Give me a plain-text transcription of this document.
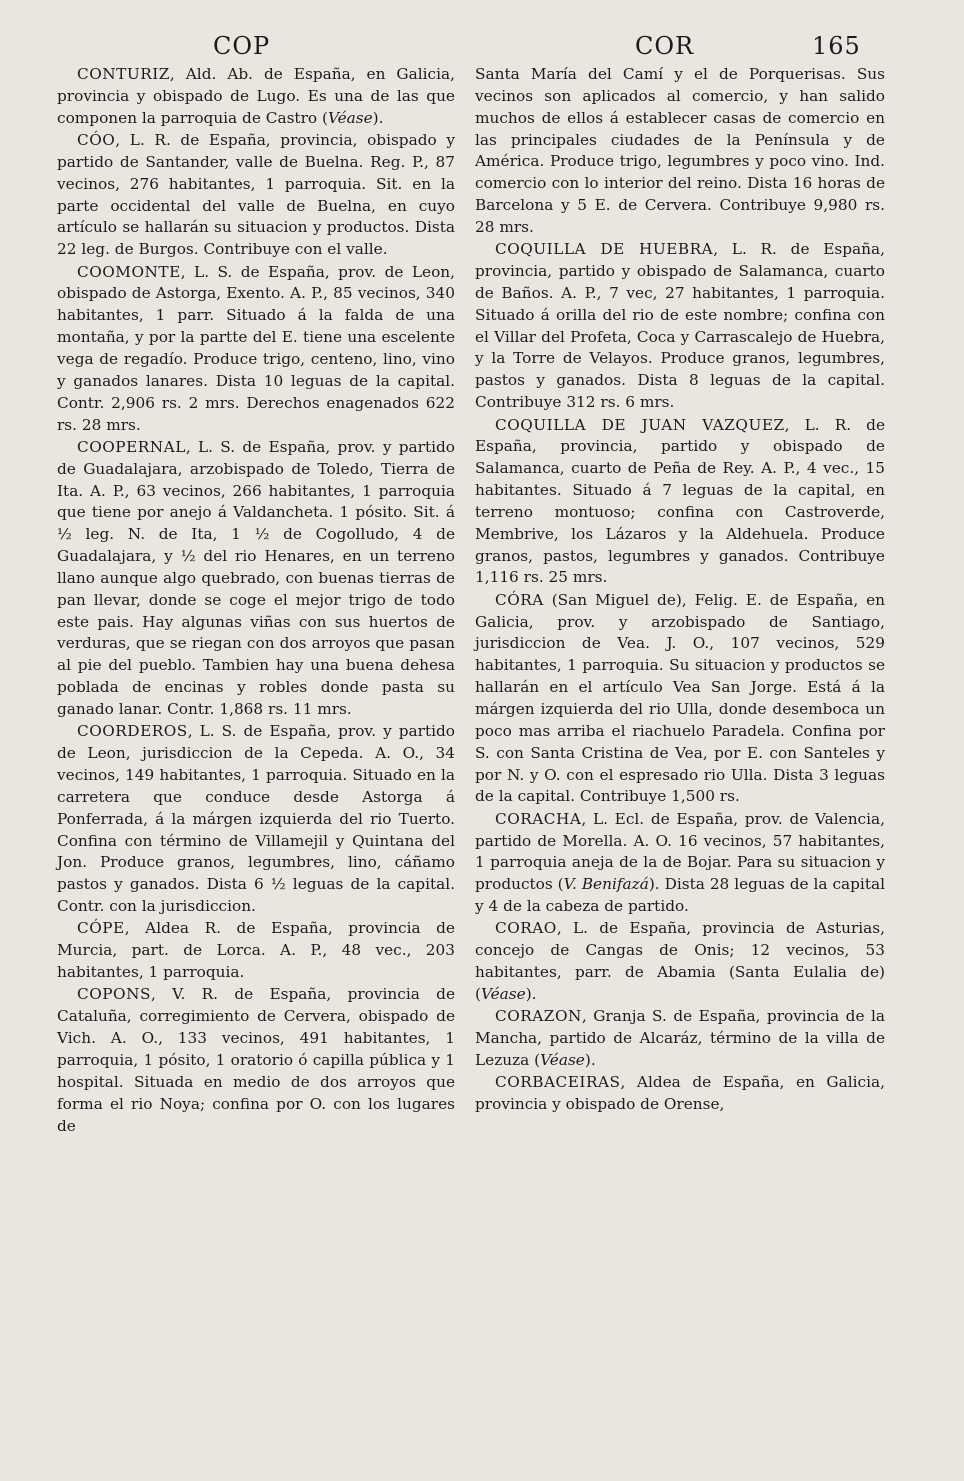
COP	COR	165

CONTURIZ, Ald. Ab. de España, en Galicia, provincia y obispado de Lugo. Es una de las que componen la parroquia de Castro (Véase).

CÓO, L. R. de España, provincia, obispado y partido de Santander, valle de Buelna. Reg. P., 87 vecinos, 276 habitantes, 1 parroquia. Sit. en la parte occidental del valle de Buelna, en cuyo artículo se hallarán su situacion y productos. Dista 22 leg. de Burgos. Contribuye con el valle.

COOMONTE, L. S. de España, prov. de Leon, obispado de Astorga, Exento. A. P., 85 vecinos, 340 habitantes, 1 parr. Situado á la falda de una montaña, y por la partte del E. tiene una escelente vega de regadío. Produce trigo, centeno, lino, vino y ganados lanares. Dista 10 leguas de la capital. Contr. 2,906 rs. 2 mrs. Derechos enagenados 622 rs. 28 mrs.

COOPERNAL, L. S. de España, prov. y partido de Guadalajara, arzobispado de Toledo, Tierra de Ita. A. P., 63 vecinos, 266 habitantes, 1 parroquia que tiene por anejo á Valdancheta. 1 pósito. Sit. á ½ leg. N. de Ita, 1 ½ de Cogolludo, 4 de Guadalajara, y ½ del rio Henares, en un terreno llano aunque algo quebrado, con buenas tierras de pan llevar, donde se coge el mejor trigo de todo este pais. Hay algunas viñas con sus huertos de verduras, que se riegan con dos arroyos que pasan al pie del pueblo. Tambien hay una buena dehesa poblada de encinas y robles donde pasta su ganado lanar. Contr. 1,868 rs. 11 mrs.

COORDEROS, L. S. de España, prov. y partido de Leon, jurisdiccion de la Cepeda. A. O., 34 vecinos, 149 habitantes, 1 parroquia. Situado en la carretera que conduce desde Astorga á Ponferrada, á la márgen izquierda del rio Tuerto. Confina con término de Villamejil y Quintana del Jon. Produce granos, legumbres, lino, cáñamo pastos y ganados. Dista 6 ½ leguas de la capital. Contr. con la jurisdiccion.

CÓPE, Aldea R. de España, provincia de Murcia, part. de Lorca. A. P., 48 vec., 203 habitantes, 1 parroquia.

COPONS, V. R. de España, provincia de Cataluña, corregimiento de Cervera, obispado de Vich. A. O., 133 vecinos, 491 habitantes, 1 parroquia, 1 pósito, 1 oratorio ó capilla pública y 1 hospital. Situada en medio de dos arroyos que forma el rio Noya; confina por O. con los lugares de

Santa María del Camí y el de Porquerisas. Sus vecinos son aplicados al comercio, y han salido muchos de ellos á establecer casas de comercio en las principales ciudades de la Península y de América. Produce trigo, legumbres y poco vino. Ind. comercio con lo interior del reino. Dista 16 horas de Barcelona y 5 E. de Cervera. Contribuye 9,980 rs. 28 mrs.

COQUILLA DE HUEBRA, L. R. de España, provincia, partido y obispado de Salamanca, cuarto de Baños. A. P., 7 vec, 27 habitantes, 1 parroquia. Situado á orilla del rio de este nombre; confina con el Villar del Profeta, Coca y Carrascalejo de Huebra, y la Torre de Velayos. Produce granos, legumbres, pastos y ganados. Dista 8 leguas de la capital. Contribuye 312 rs. 6 mrs.

COQUILLA DE JUAN VAZQUEZ, L. R. de España, provincia, partido y obispado de Salamanca, cuarto de Peña de Rey. A. P., 4 vec., 15 habitantes. Situado á 7 leguas de la capital, en terreno montuoso; confina con Castroverde, Membrive, los Lázaros y la Aldehuela. Produce granos, pastos, legumbres y ganados. Contribuye 1,116 rs. 25 mrs.

CÓRA (San Miguel de), Felig. E. de España, en Galicia, prov. y arzobispado de Santiago, jurisdiccion de Vea. J. O., 107 vecinos, 529 habitantes, 1 parroquia. Su situacion y productos se hallarán en el artículo Vea San Jorge. Está á la márgen izquierda del rio Ulla, donde desemboca un poco mas arriba el riachuelo Paradela. Confina por S. con Santa Cristina de Vea, por E. con Santeles y por N. y O. con el espresado rio Ulla. Dista 3 leguas de la capital. Contribuye 1,500 rs.

CORACHA, L. Ecl. de España, prov. de Valencia, partido de Morella. A. O. 16 vecinos, 57 habitantes, 1 parroquia aneja de la de Bojar. Para su situacion y productos (V. Benifazá). Dista 28 leguas de la capital y 4 de la cabeza de partido.

CORAO, L. de España, provincia de Asturias, concejo de Cangas de Onis; 12 vecinos, 53 habitantes, parr. de Abamia (Santa Eulalia de) (Véase).

CORAZON, Granja S. de España, provincia de la Mancha, partido de Alcaráz, término de la villa de Lezuza (Véase).

CORBACEIRAS, Aldea de España, en Galicia, provincia y obispado de Orense,
